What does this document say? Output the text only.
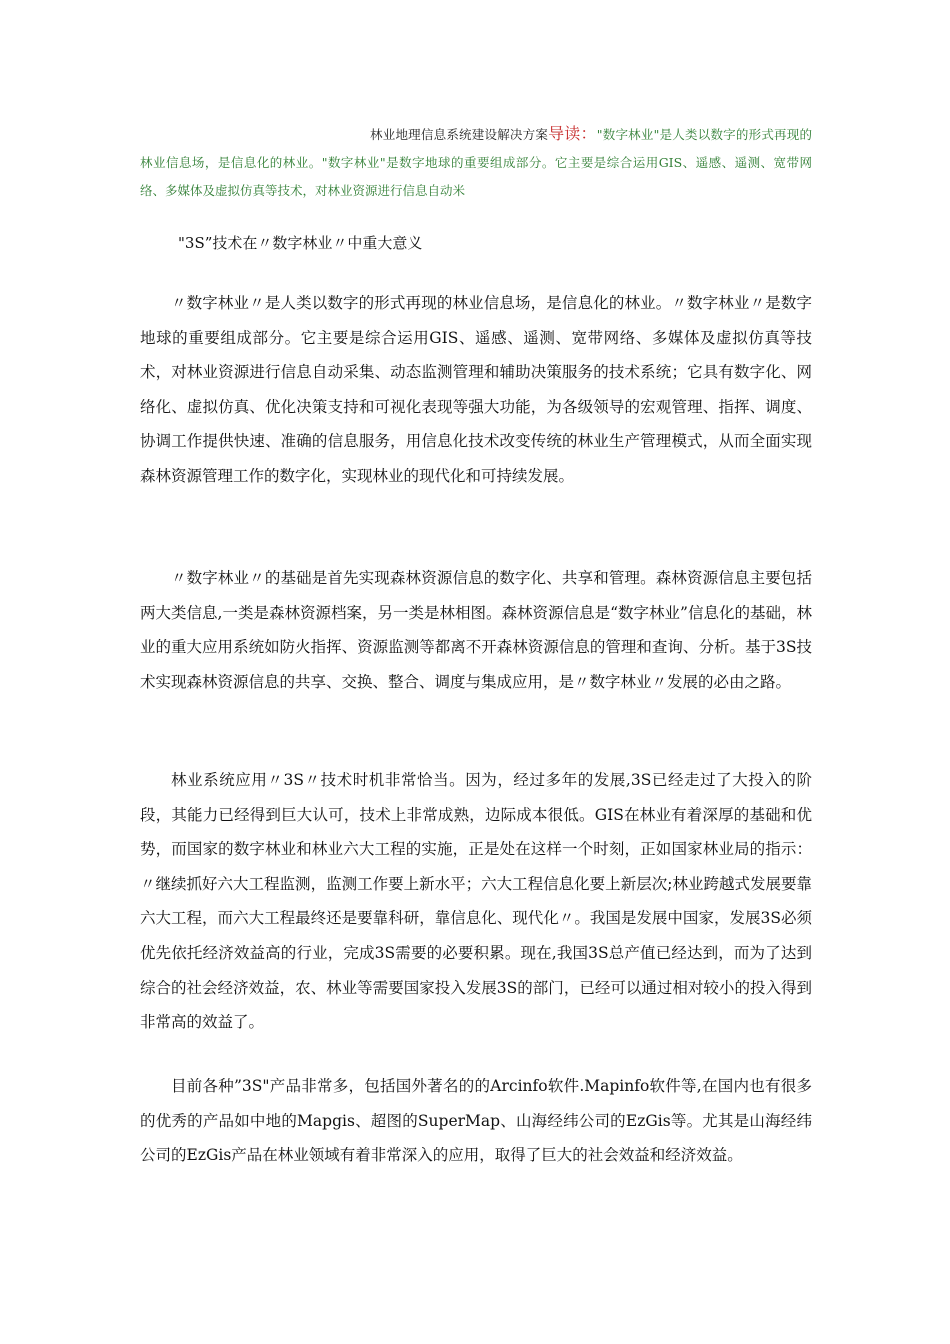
林业地理信息系统建设解决方案导读："数字林业"是人类以数字的形式再现的林业信息场，是信息化的林业。"数字林业"是数字地球的重要组成部分。它主要是综合运用GIS、遥感、遥测、宽带网络、多媒体及虚拟仿真等技术，对林业资源进行信息自动米
"3S”技术在〃数字林业〃中重大意义

〃数字林业〃是人类以数字的形式再现的林业信息场，是信息化的林业。〃数字林业〃是数字地球的重要组成部分。它主要是综合运用GIS、遥感、遥测、宽带网络、多媒体及虚拟仿真等技术，对林业资源进行信息自动采集、动态监测管理和辅助决策服务的技术系统；它具有数字化、网络化、虚拟仿真、优化决策支持和可视化表现等强大功能，为各级领导的宏观管理、指挥、调度、协调工作提供快速、准确的信息服务，用信息化技术改变传统的林业生产管理模式，从而全面实现森林资源管理工作的数字化，实现林业的现代化和可持续发展。

〃数字林业〃的基础是首先实现森林资源信息的数字化、共享和管理。森林资源信息主要包括两大类信息,一类是森林资源档案，另一类是林相图。森林资源信息是“数字林业”信息化的基础，林业的重大应用系统如防火指挥、资源监测等都离不开森林资源信息的管理和查询、分析。基于3S技术实现森林资源信息的共享、交换、整合、调度与集成应用，是〃数字林业〃发展的必由之路。

林业系统应用〃3S〃技术时机非常恰当。因为，经过多年的发展,3S已经走过了大投入的阶段，其能力已经得到巨大认可，技术上非常成熟，边际成本很低。GIS在林业有着深厚的基础和优势，而国家的数字林业和林业六大工程的实施，正是处在这样一个时刻，正如国家林业局的指示：〃继续抓好六大工程监测，监测工作要上新水平；六大工程信息化要上新层次;林业跨越式发展要靠六大工程，而六大工程最终还是要靠科研，靠信息化、现代化〃。我国是发展中国家，发展3S必须优先依托经济效益高的行业，完成3S需要的必要积累。现在,我国3S总产值已经达到，而为了达到综合的社会经济效益，农、林业等需要国家投入发展3S的部门，已经可以通过相对较小的投入得到非常高的效益了。

目前各种”3S"产品非常多，包括国外著名的的Arcinfo软件.Mapinfo软件等,在国内也有很多的优秀的产品如中地的Mapgis、超图的SuperMap、山海经纬公司的EzGis等。尤其是山海经纬公司的EzGis产品在林业领域有着非常深入的应用，取得了巨大的社会效益和经济效益。
